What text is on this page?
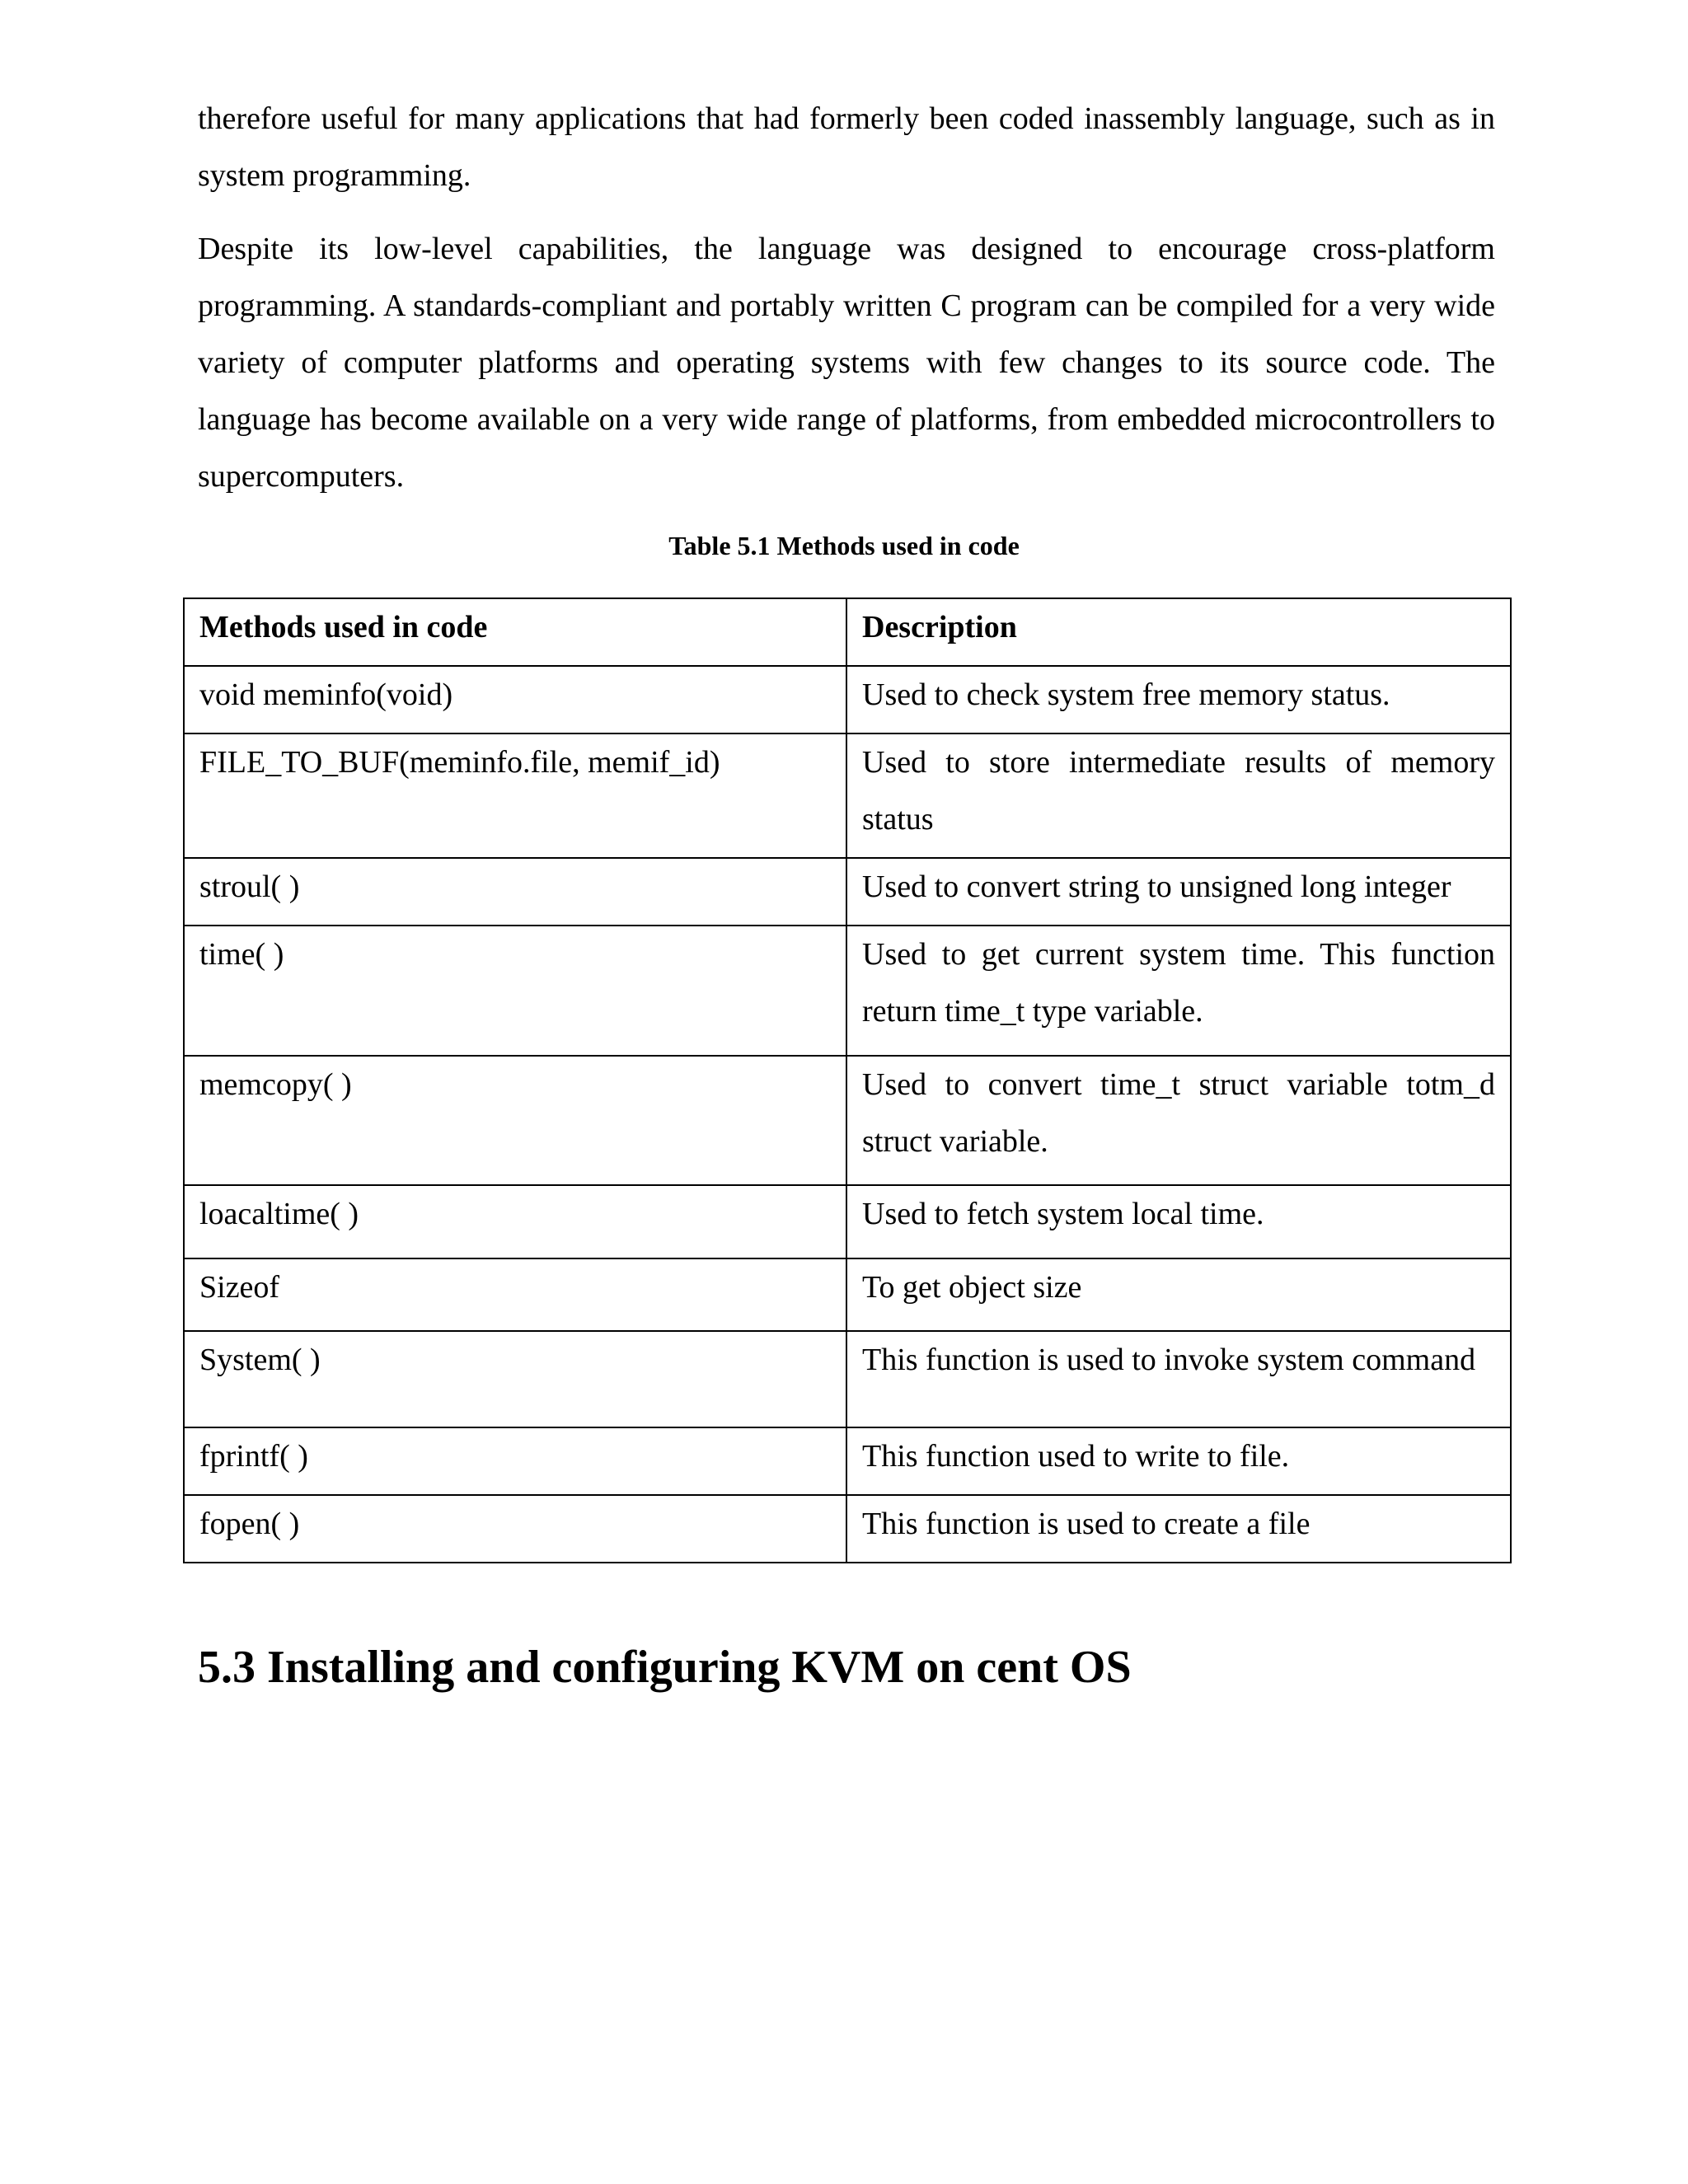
therefore useful for many applications that had formerly been coded inassembly language, such as in system programming.

Despite its low-level capabilities, the language was designed to encourage cross-platform programming. A standards-compliant and portably written C program can be compiled for a very wide variety of computer platforms and operating systems with few changes to its source code. The language has become available on a very wide range of platforms, from embedded microcontrollers to supercomputers.

Table 5.1 Methods used in code

Methods used in code	Description
void meminfo(void)	Used to check system free memory status.
FILE_TO_BUF(meminfo.file, memif_id)	Used to store intermediate results of memory status
stroul( )	Used to convert string to unsigned long integer
time( )	Used to get current system time. This function return time_t type variable.
memcopy( )	Used to convert time_t struct variable totm_d struct variable.
loacaltime( )	Used to fetch system local time.
Sizeof	To get object size
System( )	This function is used to invoke system command
fprintf( )	This function used to write to file.
fopen( )	This function is used to create a file
5.3 Installing and configuring KVM on cent OS
